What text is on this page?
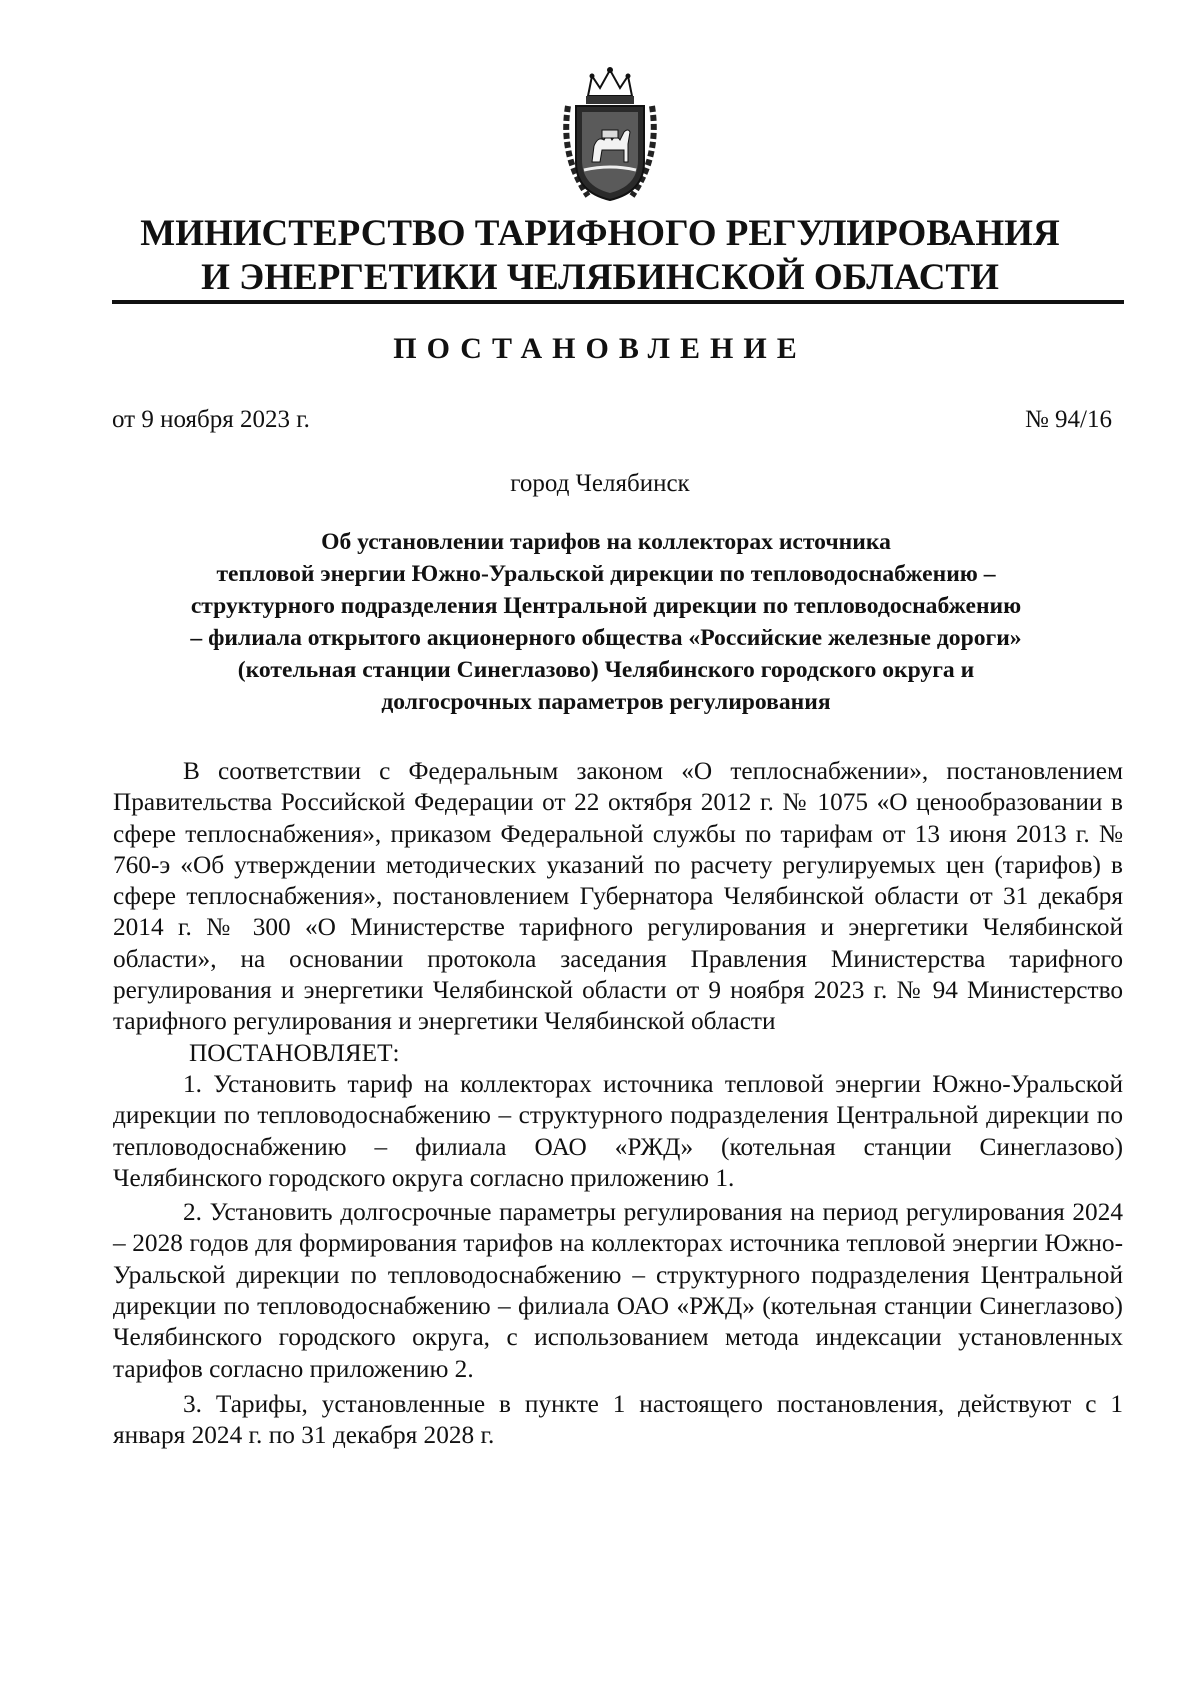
МИНИСТЕРСТВО ТАРИФНОГО РЕГУЛИРОВАНИЯ
И ЭНЕРГЕТИКИ ЧЕЛЯБИНСКОЙ ОБЛАСТИ
ПОСТАНОВЛЕНИЕ
от 9 ноября 2023 г.	№ 94/16
город Челябинск
Об установлении тарифов на коллекторах источника
тепловой энергии Южно-Уральской дирекции по тепловодоснабжению –
структурного подразделения Центральной дирекции по тепловодоснабжению
– филиала открытого акционерного общества «Российские железные дороги»
(котельная станции Синеглазово) Челябинского городского округа и
долгосрочных параметров регулирования

В соответствии с Федеральным законом «О теплоснабжении», постановлением Правительства Российской Федерации от 22 октября 2012 г. № 1075 «О ценообразовании в сфере теплоснабжения», приказом Федеральной службы по тарифам от 13 июня 2013 г. № 760-э «Об утверждении методических указаний по расчету регулируемых цен (тарифов) в сфере теплоснабжения», постановлением Губернатора Челябинской области от 31 декабря 2014 г. № 300 «О Министерстве тарифного регулирования и энергетики Челябинской области», на основании протокола заседания Правления Министерства тарифного регулирования и энергетики Челябинской области от 9 ноября 2023 г. № 94 Министерство тарифного регулирования и энергетики Челябинской области

ПОСТАНОВЛЯЕТ:

1. Установить тариф на коллекторах источника тепловой энергии Южно-Уральской дирекции по тепловодоснабжению – структурного подразделения Центральной дирекции по тепловодоснабжению – филиала ОАО «РЖД» (котельная станции Синеглазово) Челябинского городского округа согласно приложению 1.

2. Установить долгосрочные параметры регулирования на период регулирования 2024 – 2028 годов для формирования тарифов на коллекторах источника тепловой энергии Южно-Уральской дирекции по тепловодоснабжению – структурного подразделения Центральной дирекции по тепловодоснабжению – филиала ОАО «РЖД» (котельная станции Синеглазово) Челябинского городского округа, с использованием метода индексации установленных тарифов согласно приложению 2.

3. Тарифы, установленные в пункте 1 настоящего постановления, действуют с 1 января 2024 г. по 31 декабря 2028 г.
